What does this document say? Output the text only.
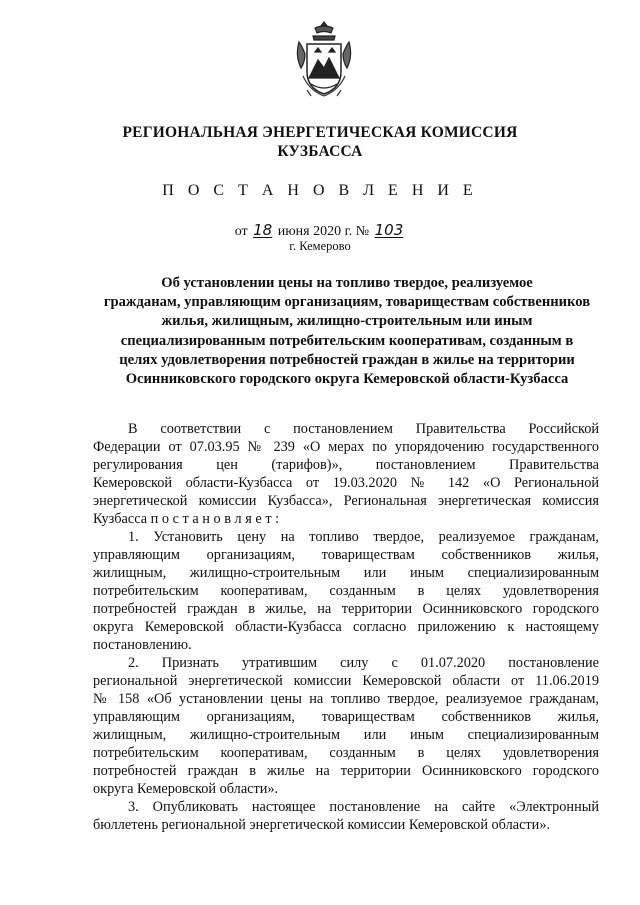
РЕГИОНАЛЬНАЯ ЭНЕРГЕТИЧЕСКАЯ КОМИССИЯ
КУЗБАССА
П О С Т А Н О В Л Е Н И Е
от 18 июня 2020 г. № 103
г. Кемерово
Об установлении цены на топливо твердое, реализуемое
гражданам, управляющим организациям, товариществам собственников
жилья, жилищным, жилищно-строительным или иным
специализированным потребительским кооперативам, созданным в
целях удовлетворения потребностей граждан в жилье на территории
Осинниковского городского округа Кемеровской области-Кузбасса
В соответствии с постановлением Правительства Российской
Федерации от 07.03.95 № 239 «О мерах по упорядочению государственного
регулирования цен (тарифов)», постановлением Правительства
Кемеровской области-Кузбасса от 19.03.2020 № 142 «О Региональной
энергетической комиссии Кузбасса», Региональная энергетическая комиссия
Кузбасса п о с т а н о в л я е т :
1. Установить цену на топливо твердое, реализуемое гражданам,
управляющим организациям, товариществам собственников жилья,
жилищным, жилищно-строительным или иным специализированным
потребительским кооперативам, созданным в целях удовлетворения
потребностей граждан в жилье, на территории Осинниковского городского
округа Кемеровской области-Кузбасса согласно приложению к настоящему
постановлению.
2. Признать утратившим силу с 01.07.2020 постановление
региональной энергетической комиссии Кемеровской области от 11.06.2019
№ 158 «Об установлении цены на топливо твердое, реализуемое гражданам,
управляющим организациям, товариществам собственников жилья,
жилищным, жилищно-строительным или иным специализированным
потребительским кооперативам, созданным в целях удовлетворения
потребностей граждан в жилье на территории Осинниковского городского
округа Кемеровской области».
3. Опубликовать настоящее постановление на сайте «Электронный
бюллетень региональной энергетической комиссии Кемеровской области».
